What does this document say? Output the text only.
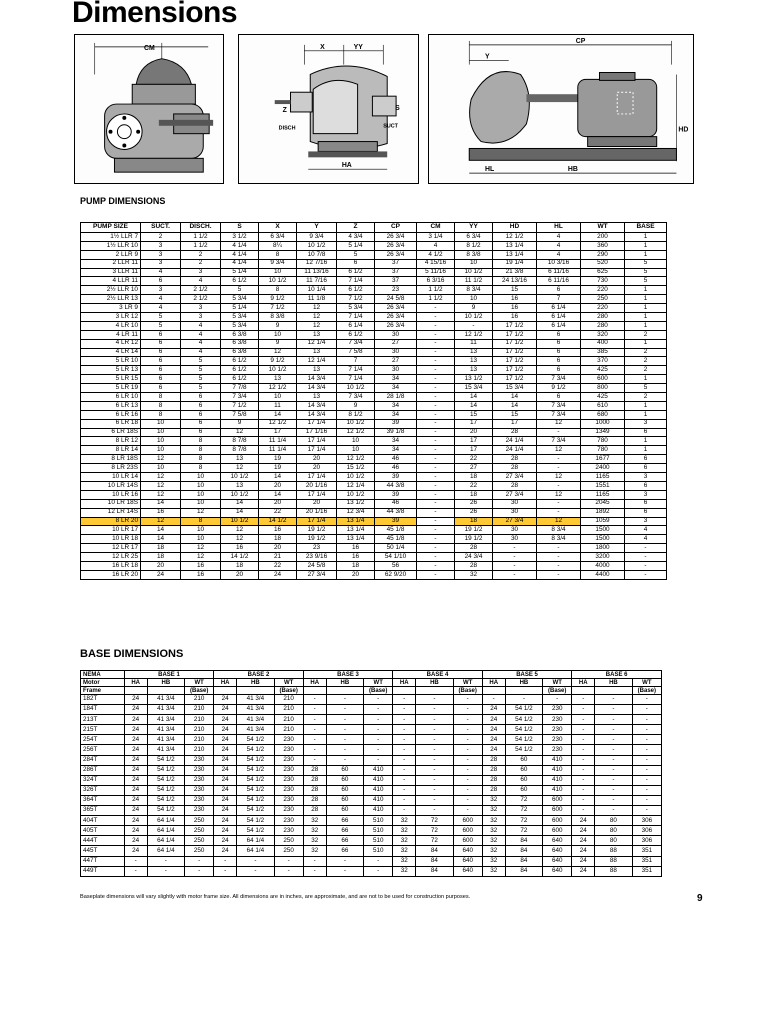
Dimensions
CM	X	YY
Z	S
DISCH	SUCT
HA
CP
Y
HD
HL	HB
PUMP DIMENSIONS
PUMP SIZE	SUCT.	DISCH.	S	X	Y	Z	CP	CM	YY	HD	HL	WT	BASE
1½ LLR 7	2	1 1/2	3 1/2	6 3/4	9 3/4	4 3/4	26 3/4	3 1/4	6 3/4	12 1/2	4	200	1
1½ LLR 10	3	1 1/2	4 1/4	8¼	10 1/2	5 1/4	26 3/4	4	8 1/2	13 1/4	4	360	1
2 LLR 9	3	2	4 1/4	8	10 7/8	5	26 3/4	4 1/2	8 3/8	13 1/4	4	290	1
2 LLR 11	3	2	4 1/4	9 3/4	12 7/16	6	37	4 15/16	10	19 1/4	10 3/16	520	5
3 LLR 11	4	3	5 1/4	10	11 13/16	6 1/2	37	5 11/16	10 1/2	21 3/8	6 11/16	625	5
4 LLR 11	6	4	6 1/2	10 1/2	11 7/16	7 1/4	37	6 3/16	11 1/2	24 13/16	6 11/16	730	5
2½ LLR 10	3	2 1/2	5	8	10 1/4	6 1/2	23	1 1/2	8 3/4	15	6	220	1
2½ LLR 13	4	2 1/2	5 3/4	9 1/2	11 1/8	7 1/2	24 5/8	1 1/2	10	16	7	250	1
3 LR 9	4	3	5 1/4	7 1/2	12	5 3/4	26 3/4	-	9	16	6 1/4	220	1
3 LR 12	5	3	5 3/4	8 3/8	12	7 1/4	26 3/4	-	10 1/2	16	6 1/4	280	1
4 LR 10	5	4	5 3/4	9	12	6 1/4	26 3/4	-	-	17 1/2	6 1/4	280	1
4 LR 11	6	4	6 3/8	10	13	6 1/2	30	-	12 1/2	17 1/2	6	320	2
4 LR 12	6	4	6 3/8	9	12 1/4	7 3/4	27	-	11	17 1/2	6	400	1
4 LR 14	6	4	6 3/8	12	13	7 5/8	30	-	13	17 1/2	6	385	2
5 LR 10	6	5	6 1/2	9 1/2	12 1/4	7	27	-	13	17 1/2	6	370	2
5 LR 13	6	5	6 1/2	10 1/2	13	7 1/4	30	-	13	17 1/2	6	425	2
5 LR 15	6	5	6 1/2	13	14 3/4	7 1/4	34	-	13 1/2	17 1/2	7 3/4	600	1
5 LR 19	6	5	7 7/8	12 1/2	14 3/4	10 1/2	34	-	15 3/4	15 3/4	9 1/2	800	5
6 LR 10	8	6	7 3/4	10	13	7 3/4	28 1/8	-	14	14	6	425	2
6 LR 13	8	6	7 1/2	11	14 3/4	9	34	-	14	14	7 3/4	610	1
6 LR 16	8	6	7 5/8	14	14 3/4	8 1/2	34	-	15	15	7 3/4	680	1
6 LR 18	10	6	9	12 1/2	17 1/4	10 1/2	39	-	17	17	12	1000	3
6 LR 18S	10	6	12	17	17 1/16	12 1/2	39 1/8	-	20	28	-	1349	6
8 LR 12	10	8	8 7/8	11 1/4	17 1/4	10	34	-	17	24 1/4	7 3/4	780	1
8 LR 14	10	8	8 7/8	11 1/4	17 1/4	10	34	-	17	24 1/4	12	780	1
8 LR 18S	12	8	13	19	20	12 1/2	46	-	22	28	-	1677	6
8 LR 23S	10	8	12	19	20	15 1/2	46	-	27	28	-	2400	6
10 LR 14	12	10	10 1/2	14	17 1/4	10 1/2	39	-	18	27 3/4	12	1165	3
10 LR 14S	12	10	13	20	20 1/16	12 1/4	44 3/8	-	22	28	-	1551	6
10 LR 16	12	10	10 1/2	14	17 1/4	10 1/2	39	-	18	27 3/4	12	1165	3
10 LR 18S	14	10	14	20	20	13 1/2	46	-	26	30	-	2045	6
12 LR 14S	16	12	14	22	20 1/16	12 3/4	44 3/8	-	26	30	-	1892	6
8 LR 20	12	8	10 1/2	14 1/2	17 1/4	13 1/4	39	-	18	27 3/4	12	1059	3
10 LR 17	14	10	12	16	19 1/2	13 1/4	45 1/8	-	19 1/2	30	8 3/4	1500	4
10 LR 18	14	10	12	18	19 1/2	13 1/4	45 1/8	-	19 1/2	30	8 3/4	1500	4
12 LR 17	18	12	16	20	23	16	50 1/4	-	28	-	-	1800	-
12 LR 25	18	12	14 1/2	21	23 9/16	16	54 1/10	-	24 3/4	-	-	3200	-
16 LR 18	20	16	18	22	24 5/8	18	56	-	28	-	-	4000	-
16 LR 20	24	16	20	24	27 3/4	20	62 9/20	-	32	-	-	4400	-
BASE DIMENSIONS
NEMA	BASE 1			BASE 2			BASE 3			BASE 4			BASE 5			BASE 6		
Motor	HA	HB	WT	HA	HB	WT	HA	HB	WT	HA	HB	WT	HA	HB	WT	HA	HB	WT
Frame			(Base)			(Base)			(Base)			(Base)			(Base)			(Base)
182T	24	41 3/4	210	24	41 3/4	210	-	-	-	-	-	-	-	-	-	-	-	-
184T	24	41 3/4	210	24	41 3/4	210	-	-	-	-	-	-	24	54 1/2	230	-	-	-
213T	24	41 3/4	210	24	41 3/4	210	-	-	-	-	-	-	24	54 1/2	230	-	-	-
215T	24	41 3/4	210	24	41 3/4	210	-	-	-	-	-	-	24	54 1/2	230	-	-	-
254T	24	41 3/4	210	24	54 1/2	230	-	-	-	-	-	-	24	54 1/2	230	-	-	-
256T	24	41 3/4	210	24	54 1/2	230	-	-	-	-	-	-	24	54 1/2	230	-	-	-
284T	24	54 1/2	230	24	54 1/2	230	-	-	-	-	-	-	28	60	410	-	-	-
286T	24	54 1/2	230	24	54 1/2	230	28	60	410	-	-	-	28	60	410	-	-	-
324T	24	54 1/2	230	24	54 1/2	230	28	60	410	-	-	-	28	60	410	-	-	-
326T	24	54 1/2	230	24	54 1/2	230	28	60	410	-	-	-	28	60	410	-	-	-
364T	24	54 1/2	230	24	54 1/2	230	28	60	410	-	-	-	32	72	600	-	-	-
365T	24	54 1/2	230	24	54 1/2	230	28	60	410	-	-	-	32	72	600	-	-	-
404T	24	64 1/4	250	24	54 1/2	230	32	66	510	32	72	600	32	72	600	24	80	306
405T	24	64 1/4	250	24	54 1/2	230	32	66	510	32	72	600	32	72	600	24	80	306
444T	24	64 1/4	250	24	64 1/4	250	32	66	510	32	72	600	32	84	640	24	80	306
445T	24	64 1/4	250	24	64 1/4	250	32	66	510	32	84	640	32	84	640	24	88	351
447T	-	-	-	-	-	-	-	-	-	32	84	640	32	84	640	24	88	351
449T	-	-	-	-	-	-	-	-	-	32	84	640	32	84	640	24	88	351
Baseplate dimensions will vary slightly with motor frame size. All dimensions are in inches, are approximate, and are not to be used for construction purposes.	9
